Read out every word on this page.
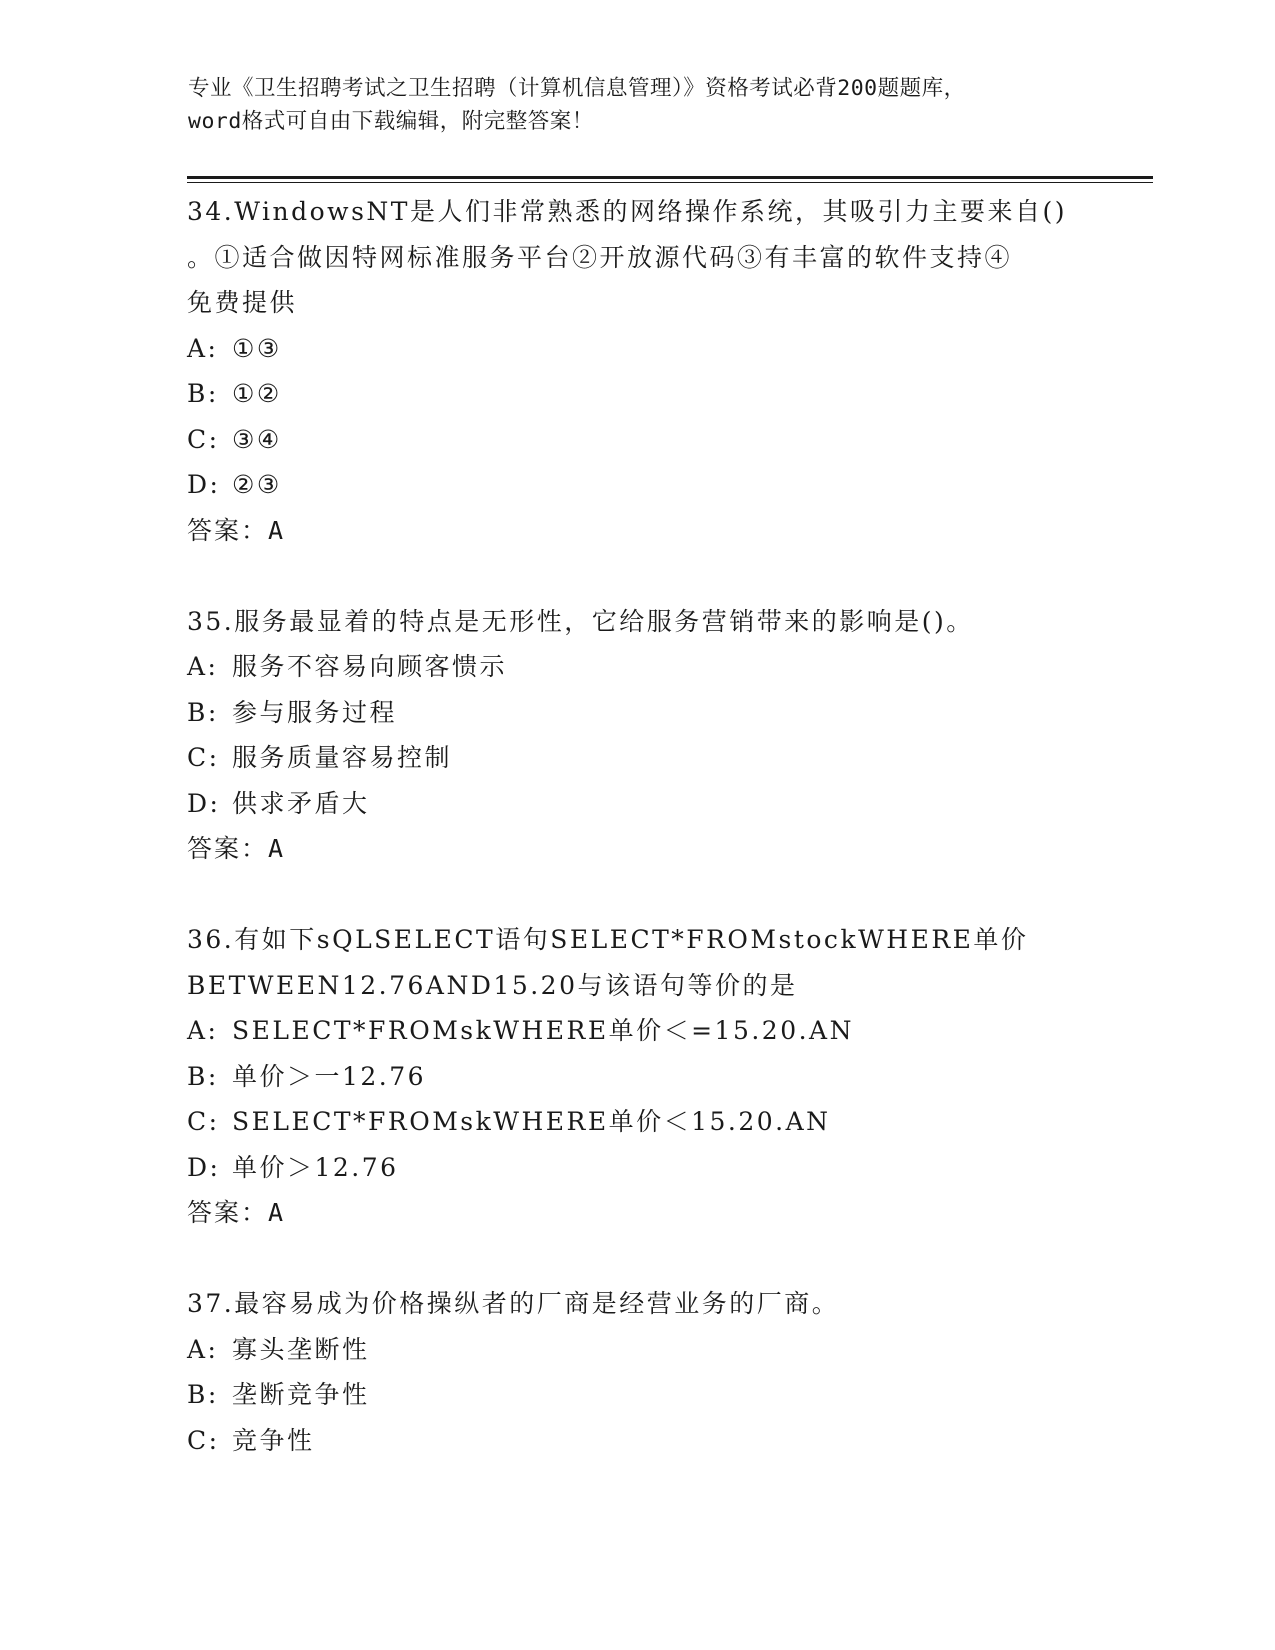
专业《卫生招聘考试之卫生招聘（计算机信息管理）》资格考试必背200题题库，
word格式可自由下载编辑，附完整答案！
34.WindowsNT是人们非常熟悉的网络操作系统，其吸引力主要来自()
。①适合做因特网标准服务平台②开放源代码③有丰富的软件支持④
免费提供
A: ①③
B: ①②
C: ③④
D: ②③
答案：A
35.服务最显着的特点是无形性，它给服务营销带来的影响是()。
A: 服务不容易向顾客愦示
B: 参与服务过程
C: 服务质量容易控制
D: 供求矛盾大
答案：A
36.有如下sQLSELECT语句SELECT*FROMstockWHERE单价
BETWEEN12.76AND15.20与该语句等价的是
A: SELECT*FROMskWHERE单价＜=15.20.AN
B: 单价＞一12.76
C: SELECT*FROMskWHERE单价＜15.20.AN
D: 单价＞12.76
答案：A
37.最容易成为价格操纵者的厂商是经营业务的厂商。
A: 寡头垄断性
B: 垄断竞争性
C: 竞争性
